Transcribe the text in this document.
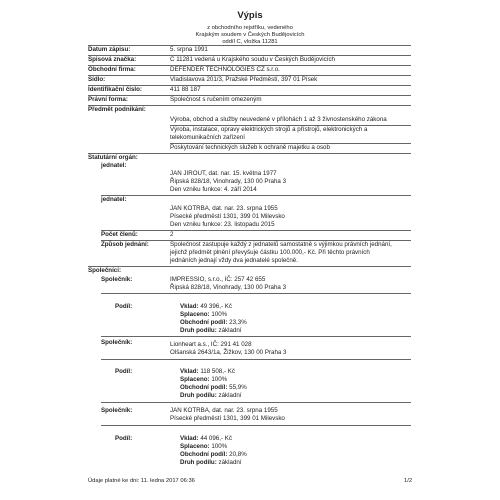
Výpis
z obchodního rejstříku, vedeného
Krajským soudem v Českých Budějovicích
oddíl C, vložka 11281
Datum zápisu:	5. srpna 1991
Spisová značka:	C 11281 vedená u Krajského soudu v Českých Budějovicích
Obchodní firma:	DEFENDER TECHNOLOGIES CZ s.r.o.
Sídlo:	Vladislavova 201/3, Pražské Předměstí, 397 01 Písek
Identifikační číslo:	411 88 187
Právní forma:	Společnost s ručením omezeným
Předmět podnikání:
Výroba, obchod a služby neuvedené v přílohách 1 až 3 živnostenského zákona
Výroba, instalace, opravy elektrických strojů a přístrojů, elektronických a
telekomunikačních zařízení
Poskytování technických služeb k ochraně majetku a osob
Statutární orgán:
jednatel:
JAN JIROUT, dat. nar. 15. května 1977
Řipská 828/18, Vinohrady, 130 00 Praha 3
Den vzniku funkce: 4. září 2014
jednatel:
JAN KOTRBA, dat. nar. 23. srpna 1955
Písecké předměstí 1301, 399 01 Milevsko
Den vzniku funkce: 23. listopadu 2015
Počet členů:	2
Způsob jednání:	Společnost zastupuje každý z jednatelů samostatně s výjimkou právních jednání,
jejichž předmět plnění převyšuje částku 100.000,- Kč. Při těchto právních
jednáních jednají vždy dva jednatelé společně.
Společníci:
Společník:	IMPRESSIO, s.r.o., IČ: 257 42 655
Řipská 828/18, Vinohrady, 130 00 Praha 3
Podíl:	Vklad: 49 396,- Kč
Splaceno: 100%
Obchodní podíl: 23,3%
Druh podílu: základní
Společník:	Lionheart a.s., IČ: 291 41 028
Olšanská 2643/1a, Žižkov, 130 00 Praha 3
Podíl:	Vklad: 118 508,- Kč
Splaceno: 100%
Obchodní podíl: 55,9%
Druh podílu: základní
Společník:	JAN KOTRBA, dat. nar. 23. srpna 1955
Písecké předměstí 1301, 399 01 Milevsko
Podíl:	Vklad: 44 096,- Kč
Splaceno: 100%
Obchodní podíl: 20,8%
Druh podílu: základní
Údaje platné ke dni: 11. ledna 2017 06:36	1/2
